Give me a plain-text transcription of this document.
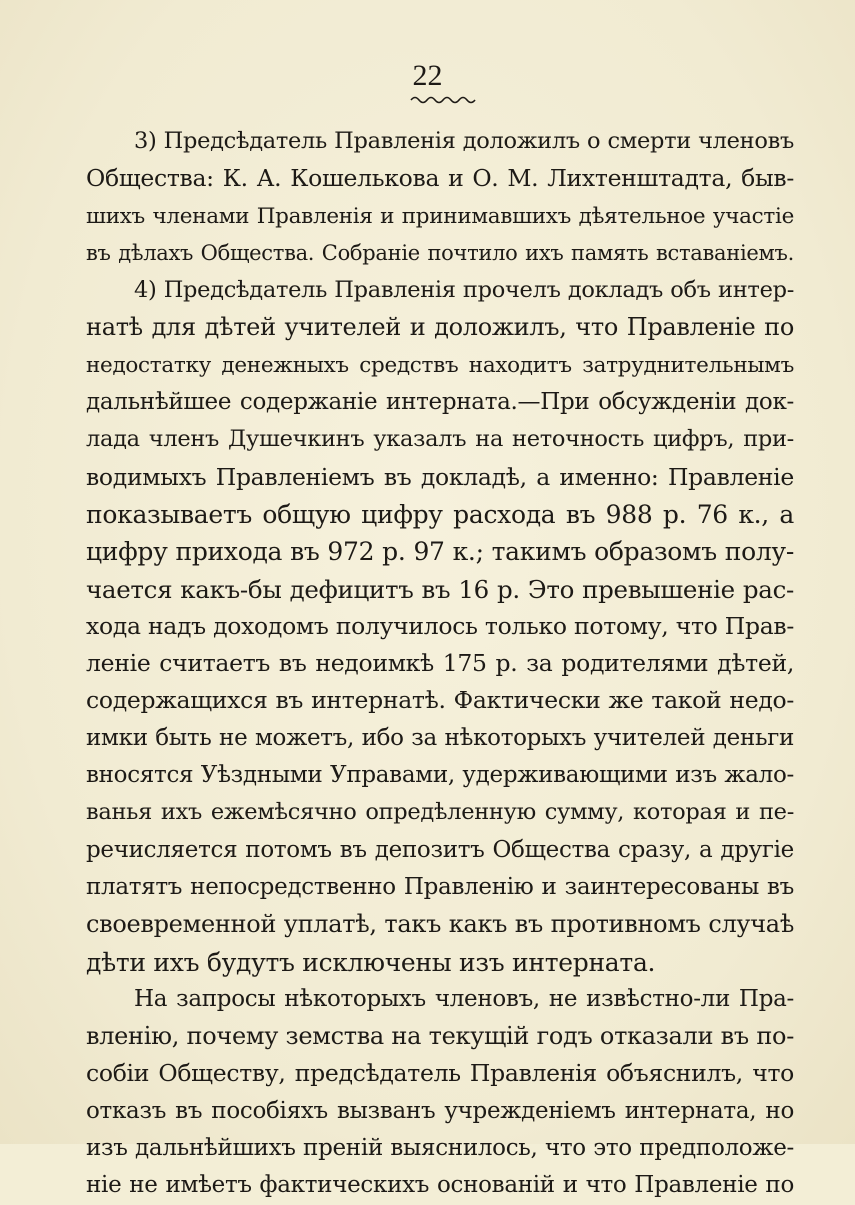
22
3) Предсѣдатель Правленія доложилъ о смерти членовъ
Общества: К. А. Кошелькова и О. М. Лихтенштадта, быв-
шихъ членами Правленія и принимавшихъ дѣятельное участіе
въ дѣлахъ Общества. Собраніе почтило ихъ память вставаніемъ.
4) Предсѣдатель Правленія прочелъ докладъ объ интер-
натѣ для дѣтей учителей и доложилъ, что Правленіе по
недостатку денежныхъ средствъ находитъ затруднительнымъ
дальнѣйшее содержаніе интерната.—При обсужденіи док-
лада членъ Душечкинъ указалъ на неточность цифръ, при-
водимыхъ Правленіемъ въ докладѣ, а именно: Правленіе
показываетъ общую цифру расхода въ 988 р. 76 к., а
цифру прихода въ 972 р. 97 к.; такимъ образомъ полу-
чается какъ-бы дефицитъ въ 16 р. Это превышеніе рас-
хода надъ доходомъ получилось только потому, что Прав-
леніе считаетъ въ недоимкѣ 175 р. за родителями дѣтей,
содержащихся въ интернатѣ. Фактически же такой недо-
имки быть не можетъ, ибо за нѣкоторыхъ учителей деньги
вносятся Уѣздными Управами, удерживающими изъ жало-
ванья ихъ ежемѣсячно опредѣленную сумму, которая и пе-
речисляется потомъ въ депозитъ Общества сразу, а другіе
платятъ непосредственно Правленію и заинтересованы въ
своевременной уплатѣ, такъ какъ въ противномъ случаѣ
дѣти ихъ будутъ исключены изъ интерната.
На запросы нѣкоторыхъ членовъ, не извѣстно-ли Пра-
вленію, почему земства на текущій годъ отказали въ по-
собіи Обществу, предсѣдатель Правленія объяснилъ, что
отказъ въ пособіяхъ вызванъ учрежденіемъ интерната, но
изъ дальнѣйшихъ преній выяснилось, что это предположе-
ніе не имѣетъ фактическихъ основаній и что Правленіе по
